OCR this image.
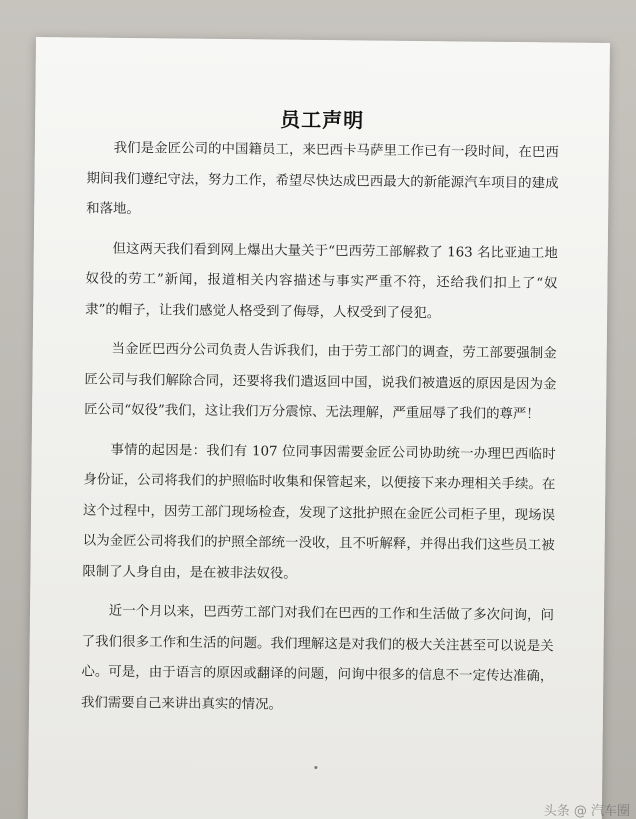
员工声明

我们是金匠公司的中国籍员工，来巴西卡马萨里工作已有一段时间，在巴西期间我们遵纪守法，努力工作，希望尽快达成巴西最大的新能源汽车项目的建成和落地。

但这两天我们看到网上爆出大量关于“巴西劳工部解救了 163 名比亚迪工地奴役的劳工”新闻，报道相关内容描述与事实严重不符，还给我们扣上了“奴隶”的帽子，让我们感觉人格受到了侮辱，人权受到了侵犯。

当金匠巴西分公司负责人告诉我们，由于劳工部门的调查，劳工部要强制金匠公司与我们解除合同，还要将我们遣返回中国，说我们被遣返的原因是因为金匠公司“奴役”我们，这让我们万分震惊、无法理解，严重屈辱了我们的尊严！

事情的起因是：我们有 107 位同事因需要金匠公司协助统一办理巴西临时身份证，公司将我们的护照临时收集和保管起来，以便接下来办理相关手续。在这个过程中，因劳工部门现场检查，发现了这批护照在金匠公司柜子里，现场误以为金匠公司将我们的护照全部统一没收，且不听解释，并得出我们这些员工被限制了人身自由，是在被非法奴役。

近一个月以来，巴西劳工部门对我们在巴西的工作和生活做了多次问询，问了我们很多工作和生活的问题。我们理解这是对我们的极大关注甚至可以说是关心。可是，由于语言的原因或翻译的问题，问询中很多的信息不一定传达准确，我们需要自己来讲出真实的情况。

头条 @ 汽车圈
